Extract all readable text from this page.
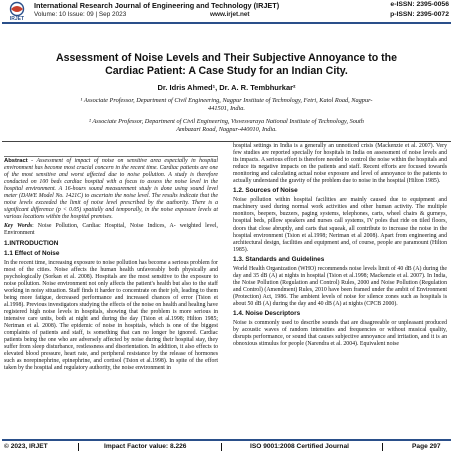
IRJET
International Research Journal of Engineering and Technology (IRJET)
Volume: 10 Issue: 09 | Sep 2023	www.irjet.net
e-ISSN: 2395-0056
p-ISSN: 2395-0072
Assessment of Noise Levels and Their Subjective Annoyance to the
Cardiac Patient: A Case Study for an Indian City.
Dr. Idris Ahmed¹, Dr. A. R. Tembhurkar²
¹ Associate Professor, Department of Civil Engineering, Nagpur Institute of Technology, Fetri, Katol Road, Nagpur-
441501, India.
² Associate Professor, Department of Civil Engineering, Visvesvaraya National Institute of Technology, South
Ambazari Road, Nagpur-440010, India.

Abstract - Assessment of impact of noise on sensitive area especially in hospital environment has become most crucial concern in the recent time. Cardiac patients are one of the most sensitive and worst affected due to noise pollution. A study is therefore conducted on 100 beds cardiac hospital with a focus to assess the noise level in the hospital environment. A 16-hours sound measurement study is done using sound level meter (DAWE Model No. 1421C) to ascertain the noise level. The results indicate that the noise levels exceeded the limit of noise level prescribed by the authority. There is a significant difference (p < 0.05) spatially and temporally, in the noise exposure levels at various locations within the hospital premises.

Key Words: Noise Pollution, Cardiac Hospital, Noise Indices, A- weighted level, Environment

1.INTRODUCTION
1.1 Effect of Noise

In the recent time, increasing exposure to noise pollution has become a serious problem for most of the cities. Noise affects the human health unfavorably both physically and psychologically (Sorkan et al. 2008). Hospitals are the most sensitive to the exposure to noise pollution. Noise environment not only affects the patient's health but also to the staff working in noisy situation. Staff finds it harder to concentrate on their job, leading to them being more fatigue, decreased performance and increased chances of error (Tsion et al.1998). Previous investigators studying the effects of the noise on health and healing have registered high noise levels in hospitals, showing that the problem is more serious in intensive care units, both at night and during the day (Tsion et al.1998; Hilton 1985; Neriman et al. 2008). The epidemic of noise in hospitals, which is one of the biggest complaints of patients and staff, is something that can no longer be ignored. Cardiac patients being the one who are adversely affected by noise during their hospital stay, they suffer from sleep disturbance, restlessness and disorientation. In addition, it also effects to elevated blood pressure, heart rate, and peripheral resistance by the release of hormones such as norepinephrine, epinephrine, and cortisol (Tsion et al.1998). In spite of the effort taken by the hospital and regulatory authority, the noise environment in

hospital settings in India is a generally an unnoticed crisis (Mackenzie et al. 2007). Very few studies are reported specially for hospitals in India on assessment of noise levels and its impacts. A serious effort is therefore needed to control the noise within the hospitals and reduce its negative impacts on the patients and staff. Recent efforts are focused towards monitoring and calculating actual noise exposure and level of annoyance to the patients to actually understand the gravity of the problem due to noise in the hospital (Hilton 1985).

1.2. Sources of Noise

Noise pollution within hospital facilities are mainly caused due to equipment and machinery used during normal work activities and other human activity. The multiple monitors, beepers, buzzers, paging systems, telephones, carts, wheel chairs & gurneys, hospital beds, pillow speakers and nurses call systems, IV poles that ride on tiled floors, doors that close abruptly, and carts that squeak, all contribute to increase the noise in the hospital environment (Tsion et al.1998; Neriman et al 2008). Apart from engineering and architectural design, facilities and equipment and, of course, people are paramount (Hilton 1985).

1.3. Standards and Guidelines

World Health Organization (WHO) recommends noise levels limit of 40 dB (A) during the day and 35 dB (A) at nights in hospital (Tsion et al.1998; Mackenzie et al. 2007). In India, the Noise Pollution (Regulation and Control) Rules, 2000 and Noise Pollution (Regulation and Control) (Amendment) Rules, 2010 have been framed under the ambit of Environment (Protection) Act, 1986. The ambient levels of noise for silence zones such as hospitals is about 50 dB (A) during the day and 40 dB (A) at nights (CPCB 2000).

1.4. Noise Descriptors

Noise is commonly used to describe sounds that are disagreeable or unpleasant produced by acoustic waves of random intensities and frequencies or without musical quality, disrupts performance, or sound that causes subjective annoyance and irritation, and it is an obnoxious stimulus for people (Narendra et al. 2004). Equivalent noise

© 2023, IRJET	Impact Factor value: 8.226	ISO 9001:2008 Certified Journal	Page 297
